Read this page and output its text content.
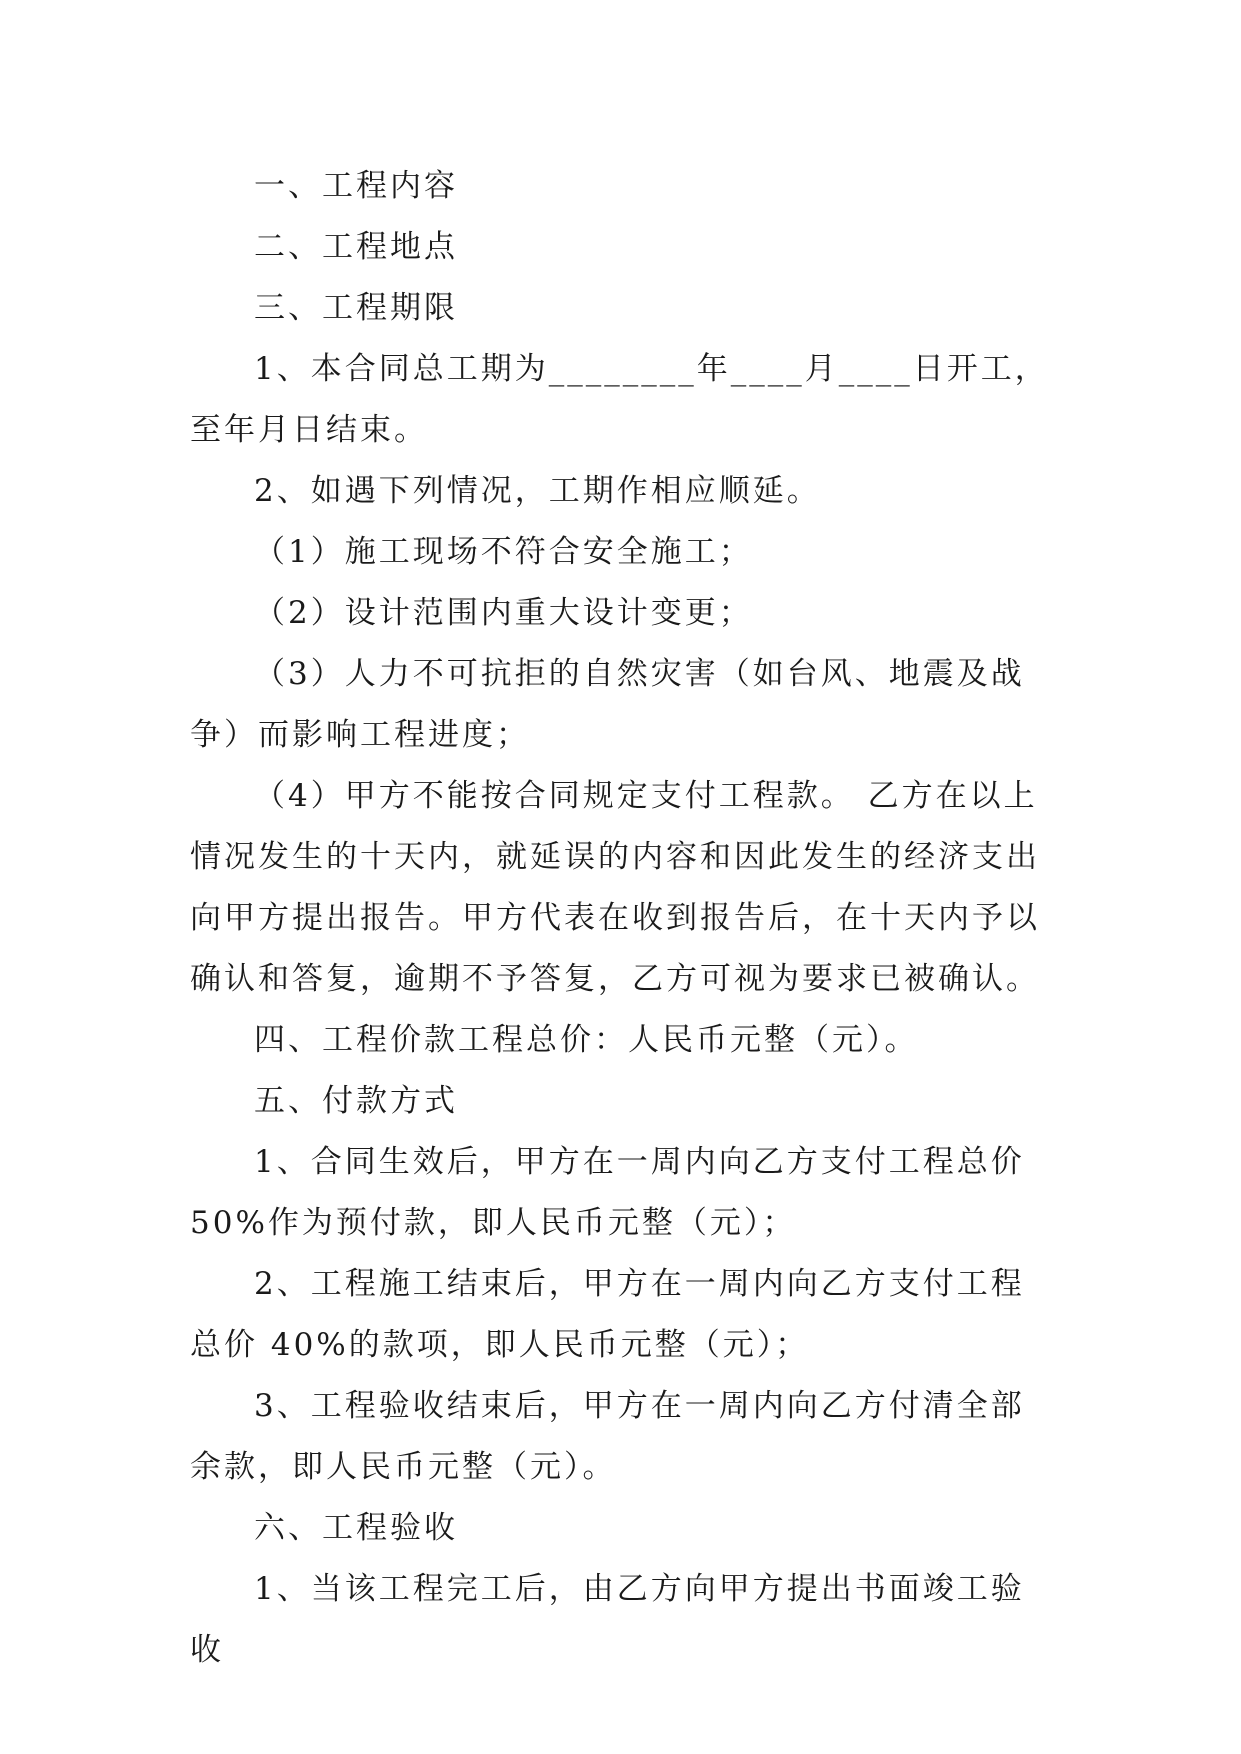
一、工程内容

二、工程地点

三、工程期限

1、本合同总工期为________年____月____日开工，至年月日结束。

2、如遇下列情况，工期作相应顺延。

（1）施工现场不符合安全施工；

（2）设计范围内重大设计变更；

（3）人力不可抗拒的自然灾害（如台风、地震及战争）而影响工程进度；

（4）甲方不能按合同规定支付工程款。 乙方在以上情况发生的十天内，就延误的内容和因此发生的经济支出向甲方提出报告。甲方代表在收到报告后，在十天内予以确认和答复，逾期不予答复，乙方可视为要求已被确认。

四、工程价款工程总价：人民币元整（元）。

五、付款方式

1、合同生效后，甲方在一周内向乙方支付工程总价 50%作为预付款，即人民币元整（元）；

2、工程施工结束后，甲方在一周内向乙方支付工程总价 40%的款项，即人民币元整（元）；

3、工程验收结束后，甲方在一周内向乙方付清全部余款，即人民币元整（元）。

六、工程验收

1、当该工程完工后，由乙方向甲方提出书面竣工验收
